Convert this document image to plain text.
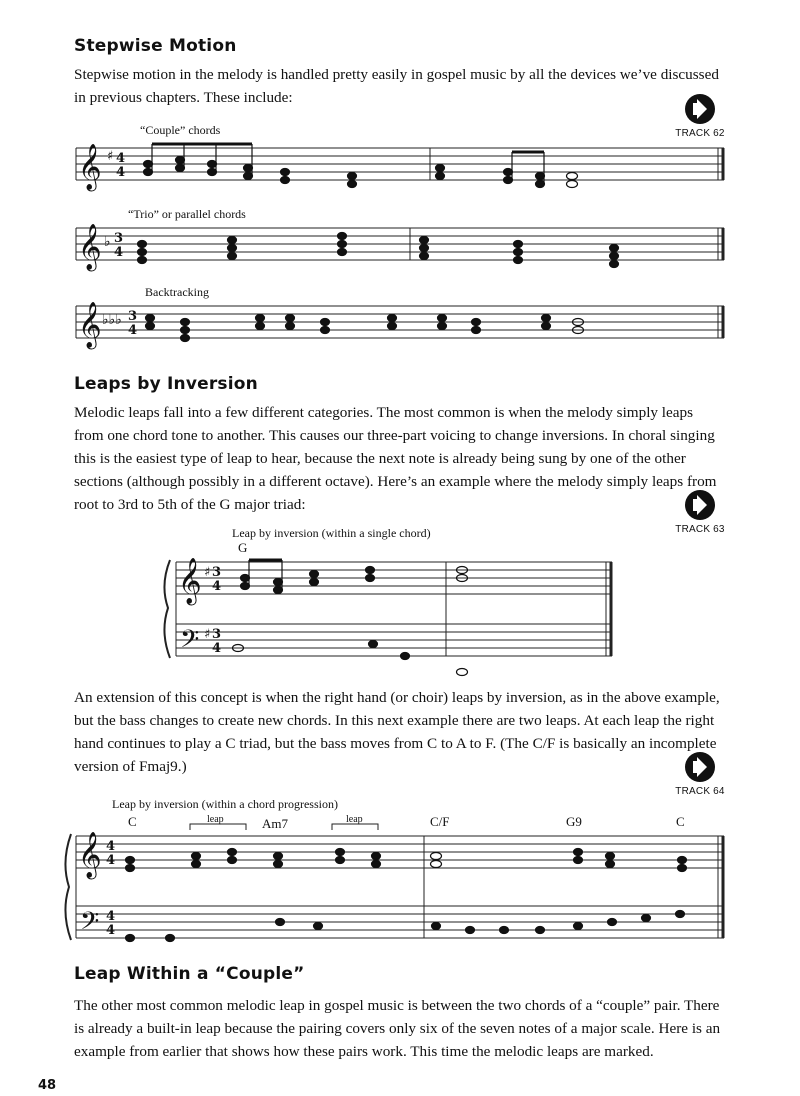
Stepwise Motion

Stepwise motion in the melody is handled pretty easily in gospel music by all the devices we’ve discussed in previous chapters. These include:

TRACK 62

“Couple” chords

“Trio” or parallel chords

Backtracking

𝄞 ♯ 4
4
𝄞 ♭ 3
4
𝄞 ♭♭♭ 3
4
𝄞 ♯ 3
4
𝄢 ♯ 3
4
𝄞 4
4
𝄢 4
4
Leaps by Inversion

Melodic leaps fall into a few different categories. The most common is when the melody simply leaps from one chord tone to another. This causes our three-part voicing to change inversions. In choral singing this is the easiest type of leap to hear, because the next note is already being sung by one of the other sections (although possibly in a different octave). Here’s an example where the melody simply leaps from root to 3rd to 5th of the G major triad:

TRACK 63

Leap by inversion (within a single chord)

G

An extension of this concept is when the right hand (or choir) leaps by inversion, as in the above example, but the bass changes to create new chords. In this next example there are two leaps. At each leap the right hand continues to play a C triad, but the bass moves from C to A to F. (The C/F is basically an incomplete version of Fmaj9.)

TRACK 64

Leap by inversion (within a chord progression)

leap	leap

C	Am7	C/F	G9	C

Leap Within a “Couple”

The other most common melodic leap in gospel music is between the two chords of a “couple” pair. There is already a built-in leap because the pairing covers only six of the seven notes of a major scale. Here is an example from earlier that shows how these pairs work. This time the melodic leaps are marked.

48
